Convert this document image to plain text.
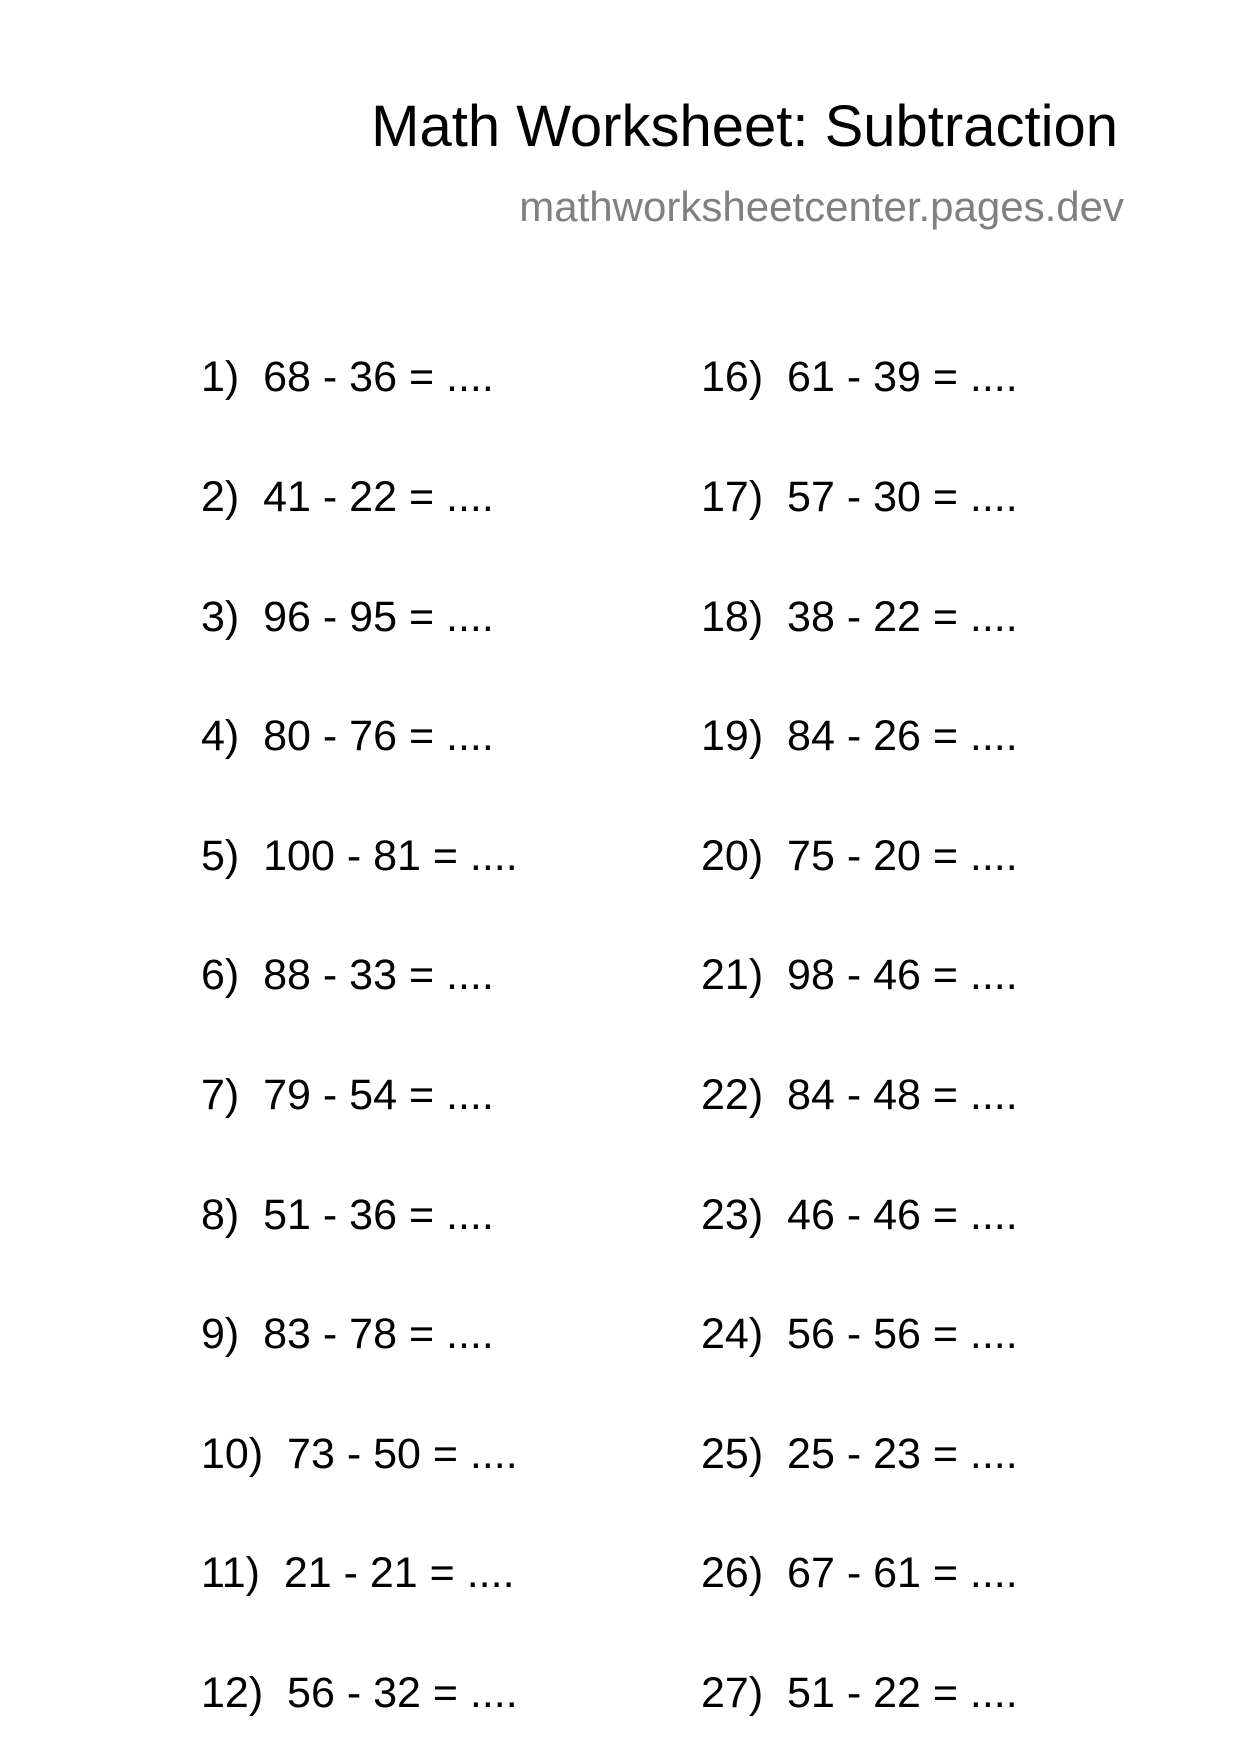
Math Worksheet: Subtraction
mathworksheetcenter.pages.dev
1)  68 - 36 = ....
2)  41 - 22 = ....
3)  96 - 95 = ....
4)  80 - 76 = ....
5)  100 - 81 = ....
6)  88 - 33 = ....
7)  79 - 54 = ....
8)  51 - 36 = ....
9)  83 - 78 = ....
10)  73 - 50 = ....
11)  21 - 21 = ....
12)  56 - 32 = ....
16)  61 - 39 = ....
17)  57 - 30 = ....
18)  38 - 22 = ....
19)  84 - 26 = ....
20)  75 - 20 = ....
21)  98 - 46 = ....
22)  84 - 48 = ....
23)  46 - 46 = ....
24)  56 - 56 = ....
25)  25 - 23 = ....
26)  67 - 61 = ....
27)  51 - 22 = ....
